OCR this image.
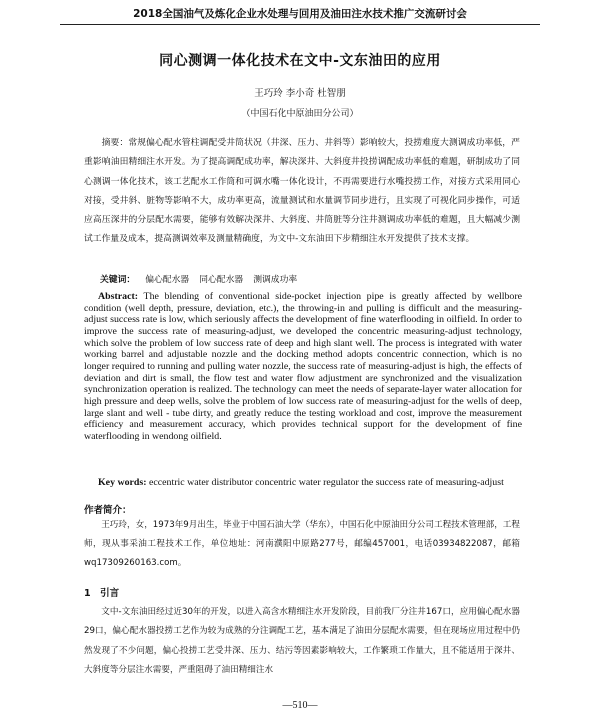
2018全国油气及炼化企业水处理与回用及油田注水技术推广交流研讨会
同心测调一体化技术在文中-文东油田的应用
王巧玲 李小奇 杜智朋
（中国石化中原油田分公司）
摘要：常规偏心配水管柱调配受井筒状况（井深、压力、井斜等）影响较大，投捞难度大测调成功率低，严重影响油田精细注水开发。为了提高调配成功率，解决深井、大斜度井投捞调配成功率低的难题，研制成功了同心测调一体化技术，该工艺配水工作筒和可调水嘴一体化设计，不再需要进行水嘴投捞工作，对接方式采用同心对接，受井斜、脏物等影响不大，成功率更高，流量测试和水量调节同步进行，且实现了可视化同步操作，可适应高压深井的分层配水需要，能够有效解决深井、大斜度、井筒脏等分注井测调成功率低的难题，且大幅减少测试工作量及成本，提高测调效率及测量精确度，为文中-文东油田下步精细注水开发提供了技术支撑。
关键词： 偏心配水器 同心配水器 测调成功率
Abstract: The blending of conventional side-pocket injection pipe is greatly affected by wellbore condition (well depth, pressure, deviation, etc.), the throwing-in and pulling is difficult and the measuring-adjust success rate is low, which seriously affects the development of fine waterflooding in oilfield. In order to improve the success rate of measuring-adjust, we developed the concentric measuring-adjust technology, which solve the problem of low success rate of deep and high slant well. The process is integrated with water working barrel and adjustable nozzle and the docking method adopts concentric connection, which is no longer required to running and pulling water nozzle, the success rate of measuring-adjust is high, the effects of deviation and dirt is small, the flow test and water flow adjustment are synchronized and the visualization synchronization operation is realized. The technology can meet the needs of separate-layer water allocation for high pressure and deep wells, solve the problem of low success rate of measuring-adjust for the wells of deep, large slant and well - tube dirty, and greatly reduce the testing workload and cost, improve the measurement efficiency and measurement accuracy, which provides technical support for the development of fine waterflooding in wendong oilfield.
Key words: eccentric water distributor concentric water regulator the success rate of measuring-adjust
作者简介：
王巧玲，女，1973年9月出生，毕业于中国石油大学（华东），中国石化中原油田分公司工程技术管理部，工程师，现从事采油工程技术工作，单位地址：河南濮阳中原路277号，邮编457001，电话03934822087，邮箱wq17309260163.com。
1　引言
文中-文东油田经过近30年的开发，以进入高含水精细注水开发阶段，目前我厂分注井167口，应用偏心配水器29口，偏心配水器投捞工艺作为较为成熟的分注调配工艺，基本满足了油田分层配水需要，但在现场应用过程中仍然发现了不少问题，偏心投捞工艺受井深、压力、结污等因素影响较大，工作繁琐工作量大，且不能适用于深井、大斜度等分层注水需要，严重阻碍了油田精细注水
—510—
